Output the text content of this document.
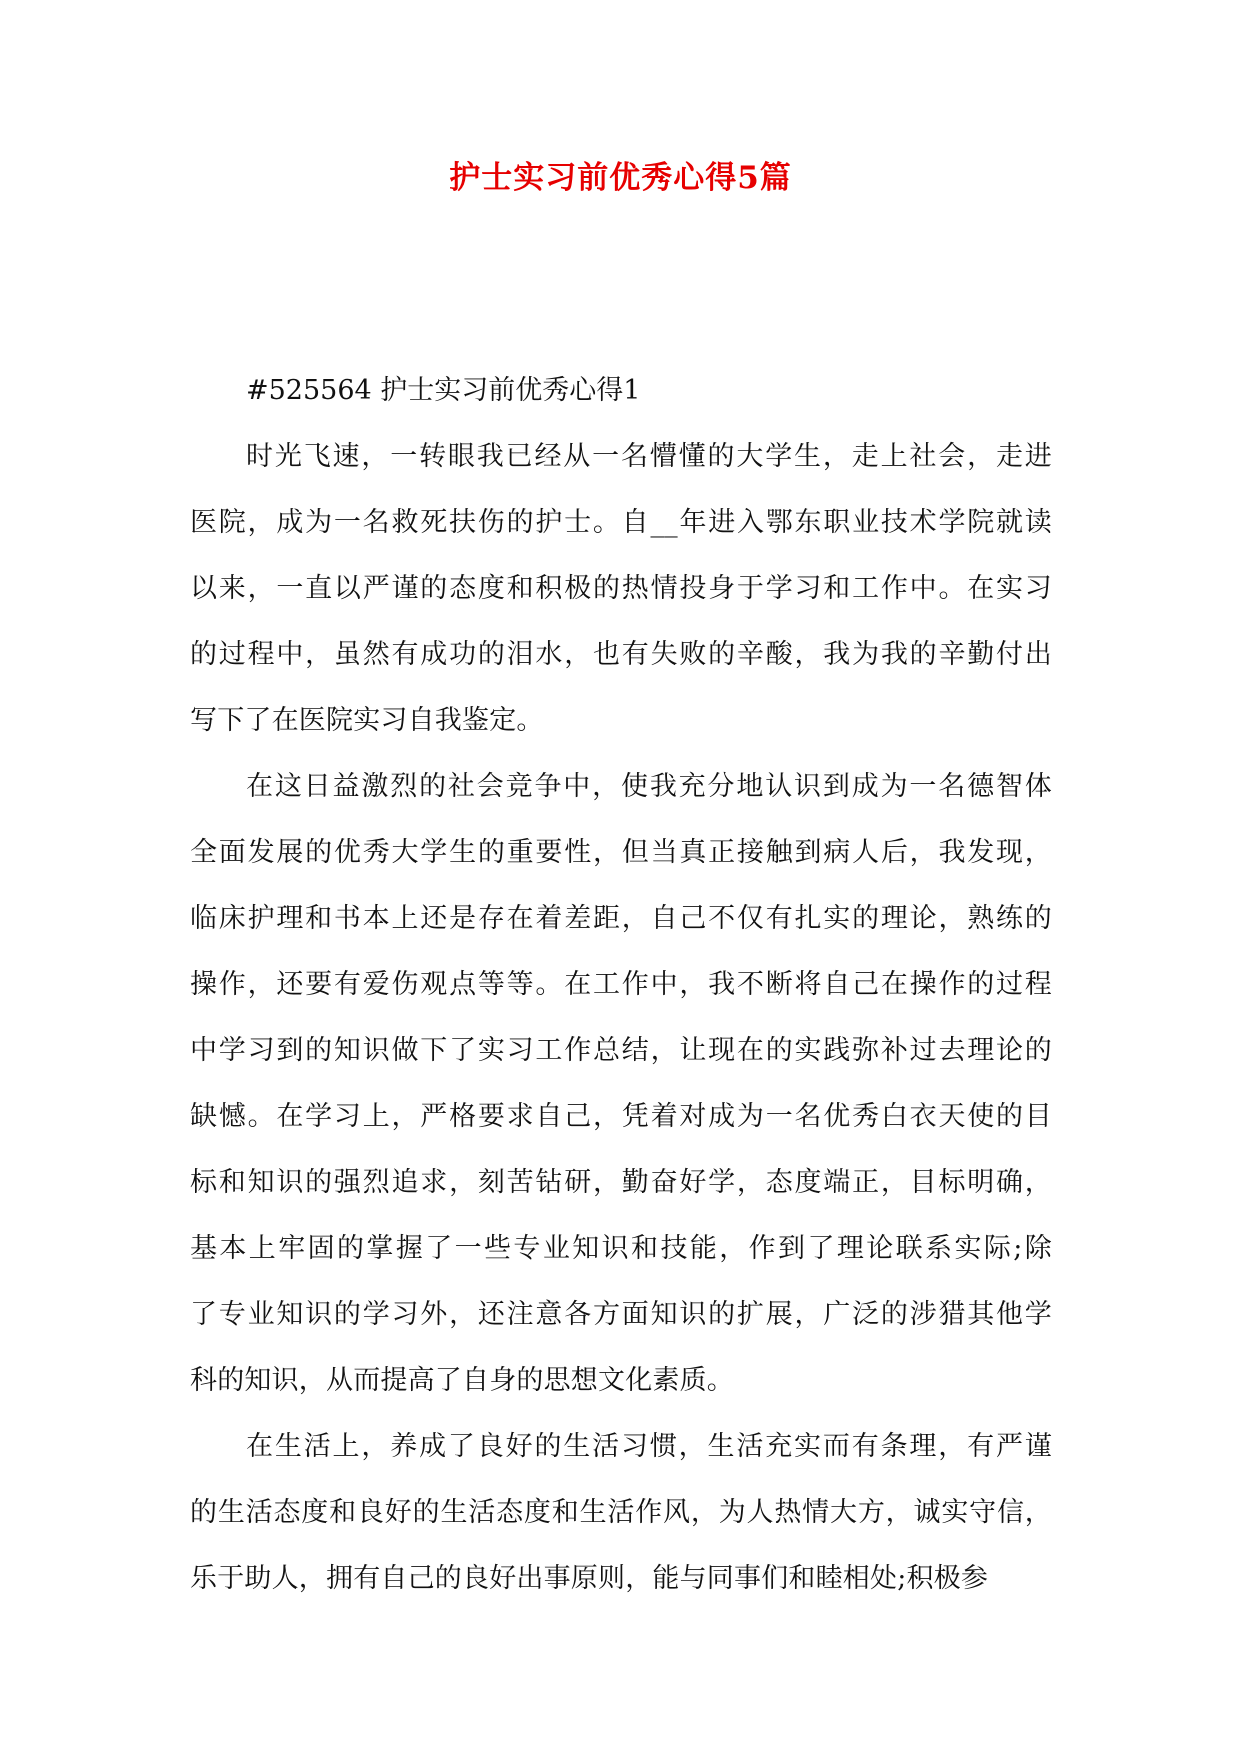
护士实习前优秀心得5篇
#525564 护士实习前优秀心得1
时光飞速，一转眼我已经从一名懵懂的大学生，走上社会，走进
医院，成为一名救死扶伤的护士。自__年进入鄂东职业技术学院就读
以来，一直以严谨的态度和积极的热情投身于学习和工作中。在实习
的过程中，虽然有成功的泪水，也有失败的辛酸，我为我的辛勤付出
写下了在医院实习自我鉴定。
在这日益激烈的社会竞争中，使我充分地认识到成为一名德智体
全面发展的优秀大学生的重要性，但当真正接触到病人后，我发现，
临床护理和书本上还是存在着差距，自己不仅有扎实的理论，熟练的
操作，还要有爱伤观点等等。在工作中，我不断将自己在操作的过程
中学习到的知识做下了实习工作总结，让现在的实践弥补过去理论的
缺憾。在学习上，严格要求自己，凭着对成为一名优秀白衣天使的目
标和知识的强烈追求，刻苦钻研，勤奋好学，态度端正，目标明确，
基本上牢固的掌握了一些专业知识和技能，作到了理论联系实际;除
了专业知识的学习外，还注意各方面知识的扩展，广泛的涉猎其他学
科的知识，从而提高了自身的思想文化素质。
在生活上，养成了良好的生活习惯，生活充实而有条理，有严谨
的生活态度和良好的生活态度和生活作风，为人热情大方，诚实守信，
乐于助人，拥有自己的良好出事原则，能与同事们和睦相处;积极参
